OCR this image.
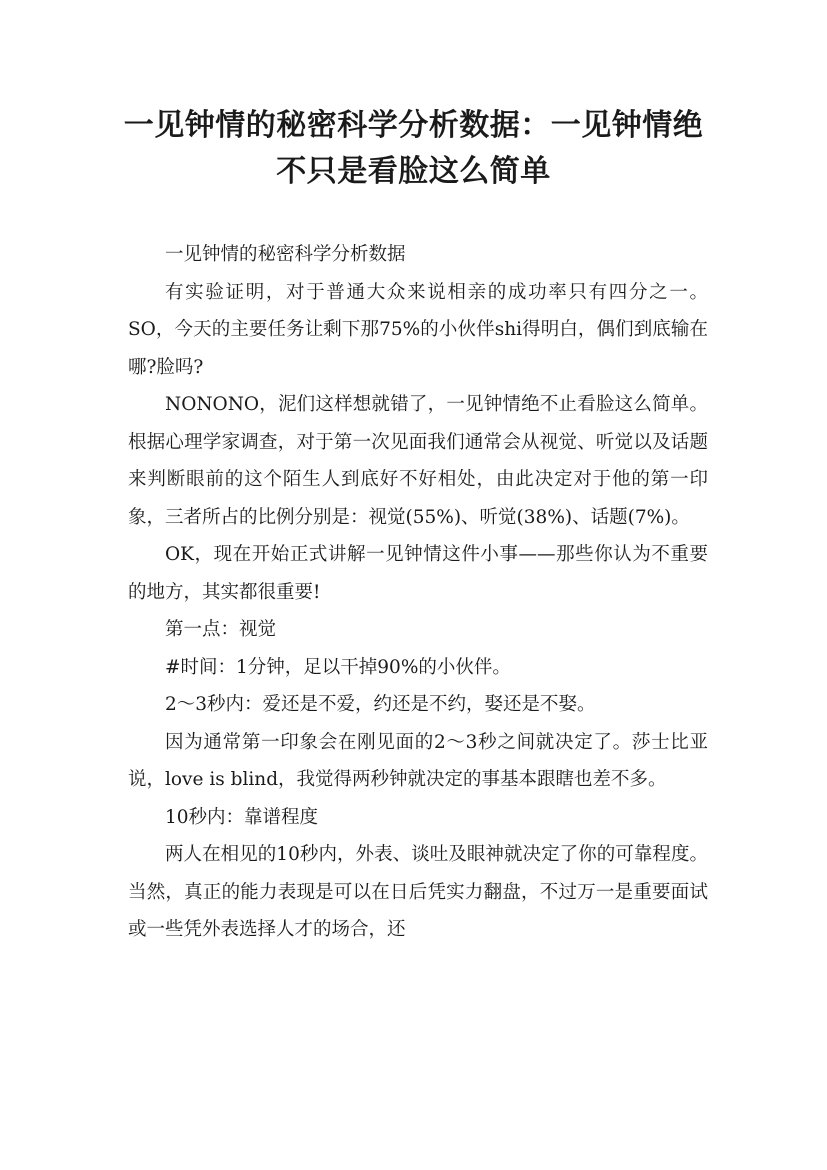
一见钟情的秘密科学分析数据：一见钟情绝
不只是看脸这么简单

一见钟情的秘密科学分析数据

有实验证明，对于普通大众来说相亲的成功率只有四分之一。SO，今天的主要任务让剩下那75%的小伙伴shi得明白，偶们到底输在哪?脸吗?

NONONO，泥们这样想就错了，一见钟情绝不止看脸这么简单。根据心理学家调查，对于第一次见面我们通常会从视觉、听觉以及话题来判断眼前的这个陌生人到底好不好相处，由此决定对于他的第一印象，三者所占的比例分别是：视觉(55%)、听觉(38%)、话题(7%)。

OK，现在开始正式讲解一见钟情这件小事——那些你认为不重要的地方，其实都很重要!

第一点：视觉

#时间：1分钟，足以干掉90%的小伙伴。

2～3秒内：爱还是不爱，约还是不约，娶还是不娶。

因为通常第一印象会在刚见面的2～3秒之间就决定了。莎士比亚说，love is blind，我觉得两秒钟就决定的事基本跟瞎也差不多。

10秒内：靠谱程度

两人在相见的10秒内，外表、谈吐及眼神就决定了你的可靠程度。当然，真正的能力表现是可以在日后凭实力翻盘，不过万一是重要面试或一些凭外表选择人才的场合，还
